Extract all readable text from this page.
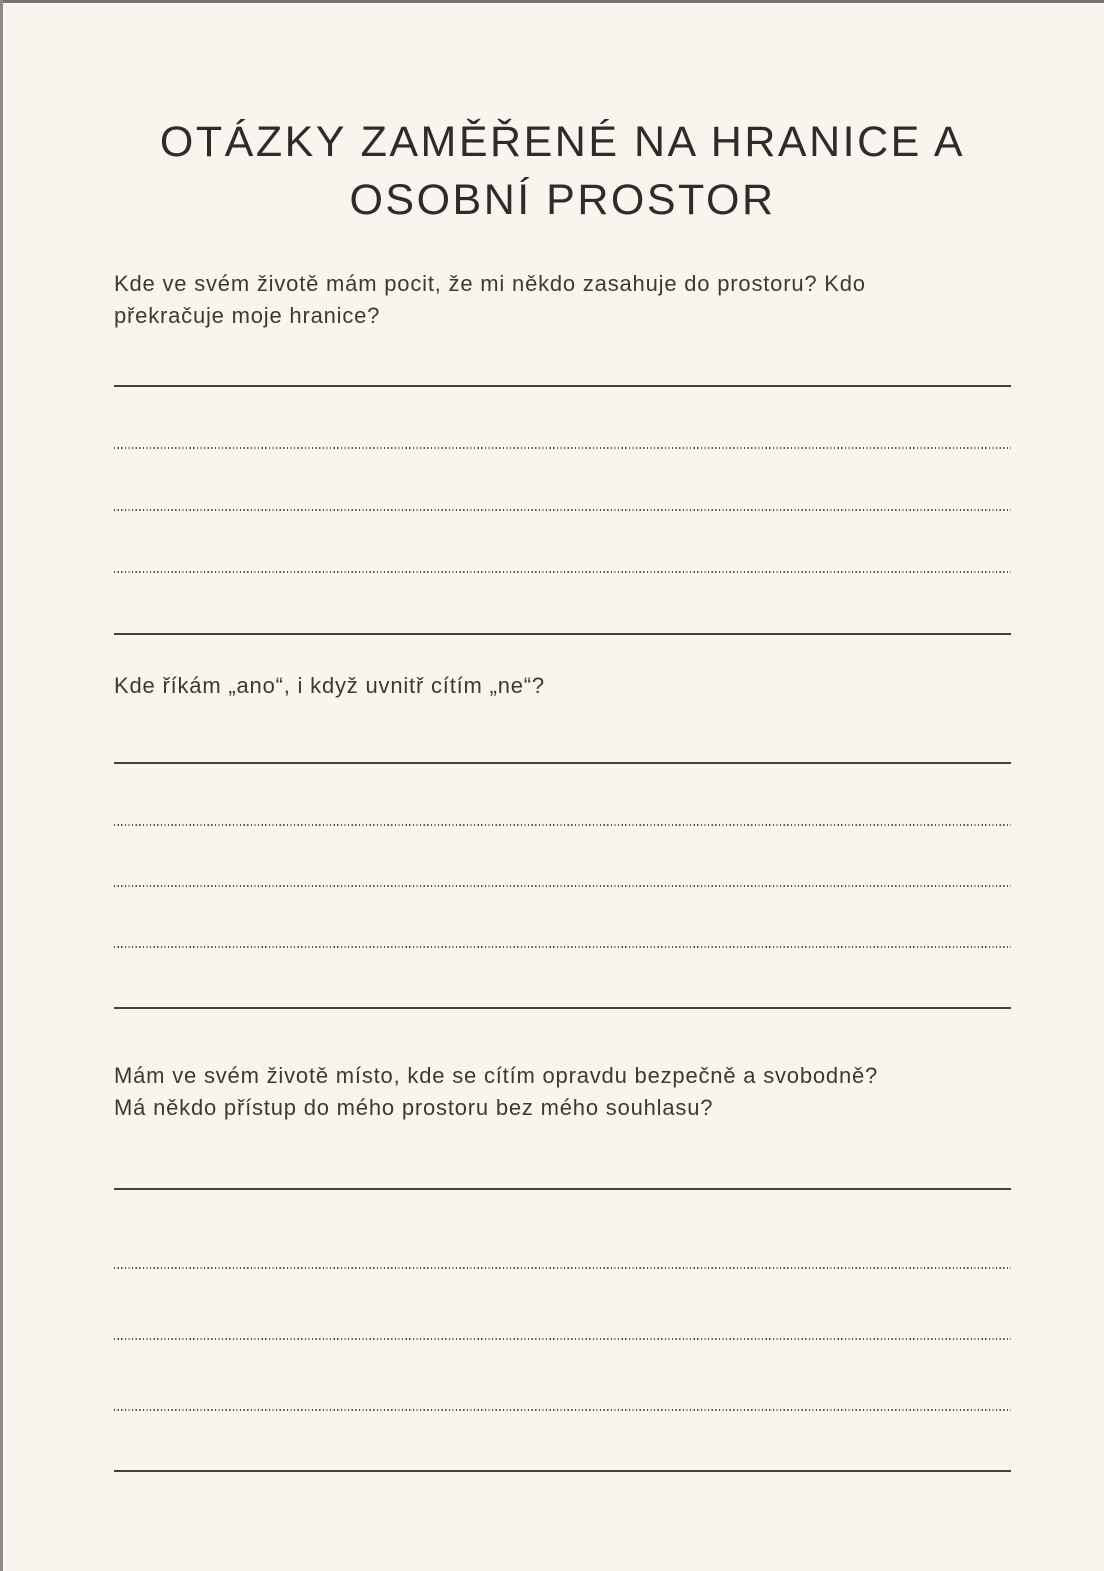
OTÁZKY ZAMĚŘENÉ NA HRANICE A
OSOBNÍ PROSTOR
Kde ve svém životě mám pocit, že mi někdo zasahuje do prostoru? Kdo
překračuje moje hranice?
Kde říkám „ano“, i když uvnitř cítím „ne“?
Mám ve svém životě místo, kde se cítím opravdu bezpečně a svobodně?
Má někdo přístup do mého prostoru bez mého souhlasu?
